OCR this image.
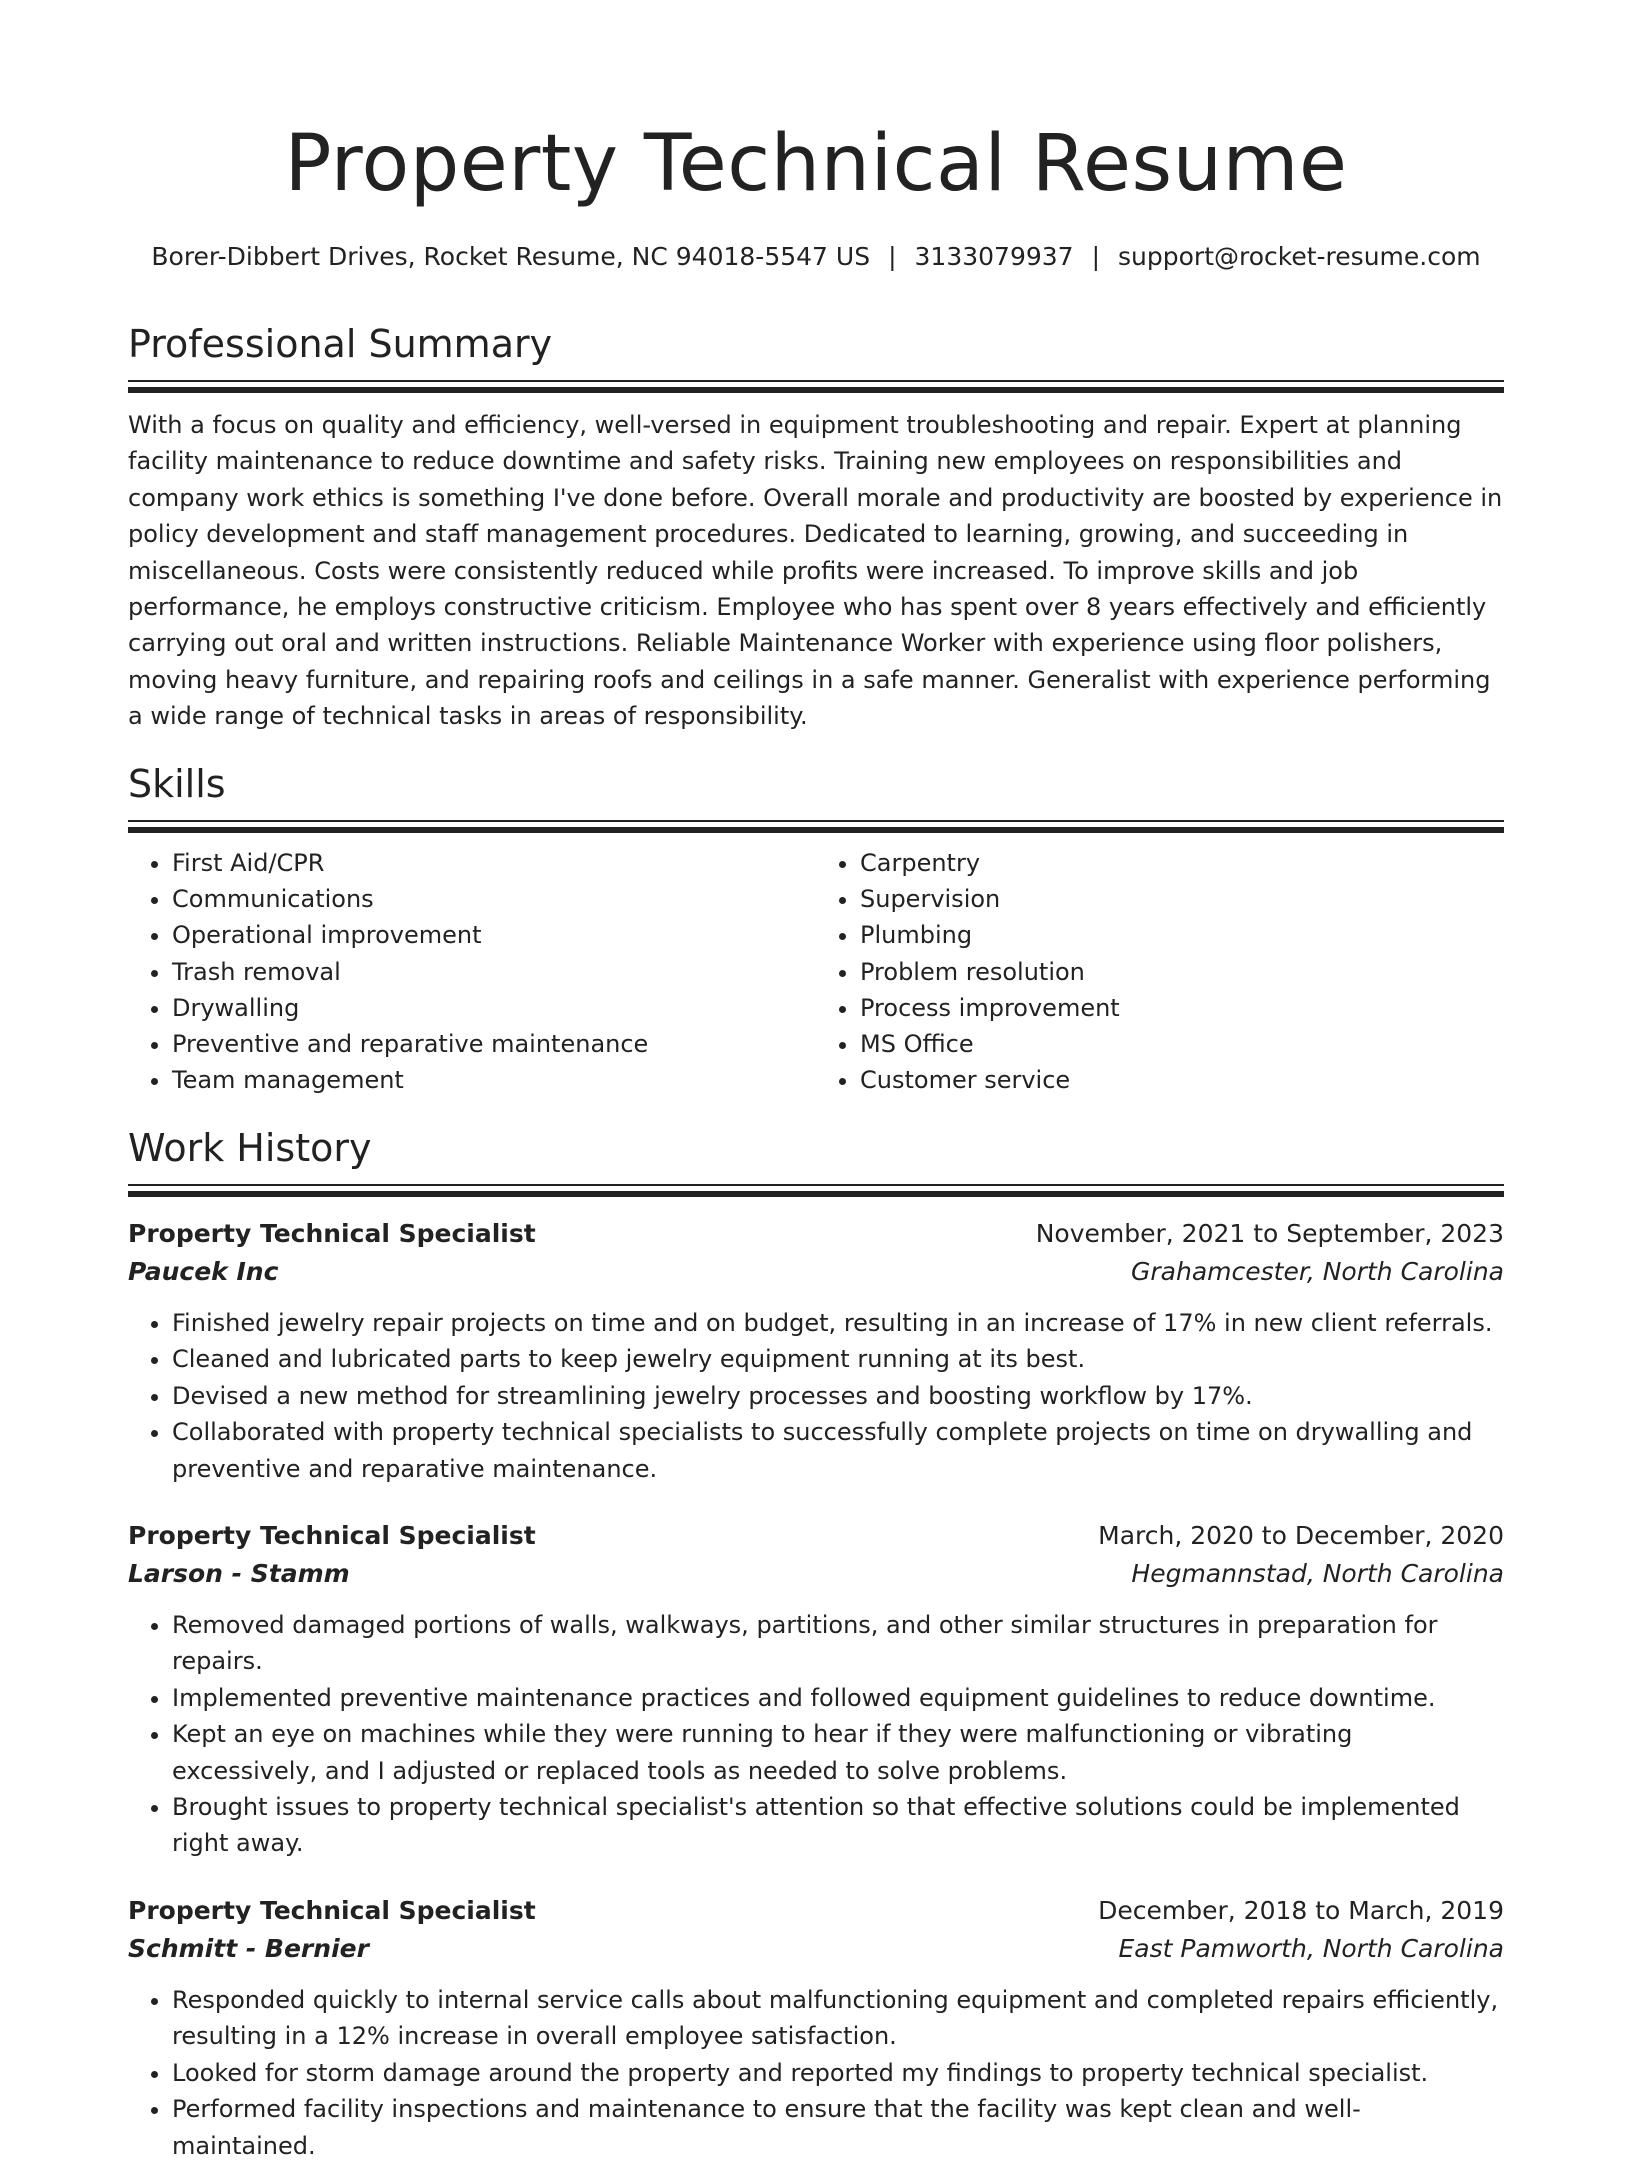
Property Technical Resume
Borer-Dibbert Drives, Rocket Resume, NC 94018-5547 US | 3133079937 | support@rocket-resume.com
Professional Summary
With a focus on quality and efficiency, well-versed in equipment troubleshooting and repair. Expert at planning facility maintenance to reduce downtime and safety risks. Training new employees on responsibilities and company work ethics is something I've done before. Overall morale and productivity are boosted by experience in policy development and staff management procedures. Dedicated to learning, growing, and succeeding in miscellaneous. Costs were consistently reduced while profits were increased. To improve skills and job performance, he employs constructive criticism. Employee who has spent over 8 years effectively and efficiently carrying out oral and written instructions. Reliable Maintenance Worker with experience using floor polishers, moving heavy furniture, and repairing roofs and ceilings in a safe manner. Generalist with experience performing a wide range of technical tasks in areas of responsibility.
Skills
• First Aid/CPR
• Communications
• Operational improvement
• Trash removal
• Drywalling
• Preventive and reparative maintenance
• Team management
• Carpentry
• Supervision
• Plumbing
• Problem resolution
• Process improvement
• MS Office
• Customer service
Work History
Property Technical Specialist	November, 2021 to September, 2023
Paucek Inc	Grahamcester, North Carolina
• Finished jewelry repair projects on time and on budget, resulting in an increase of 17% in new client referrals.
• Cleaned and lubricated parts to keep jewelry equipment running at its best.
• Devised a new method for streamlining jewelry processes and boosting workflow by 17%.
• Collaborated with property technical specialists to successfully complete projects on time on drywalling and preventive and reparative maintenance.
Property Technical Specialist	March, 2020 to December, 2020
Larson - Stamm	Hegmannstad, North Carolina
• Removed damaged portions of walls, walkways, partitions, and other similar structures in preparation for repairs.
• Implemented preventive maintenance practices and followed equipment guidelines to reduce downtime.
• Kept an eye on machines while they were running to hear if they were malfunctioning or vibrating excessively, and I adjusted or replaced tools as needed to solve problems.
• Brought issues to property technical specialist's attention so that effective solutions could be implemented right away.
Property Technical Specialist	December, 2018 to March, 2019
Schmitt - Bernier	East Pamworth, North Carolina
• Responded quickly to internal service calls about malfunctioning equipment and completed repairs efficiently, resulting in a 12% increase in overall employee satisfaction.
• Looked for storm damage around the property and reported my findings to property technical specialist.
• Performed facility inspections and maintenance to ensure that the facility was kept clean and well-maintained.
